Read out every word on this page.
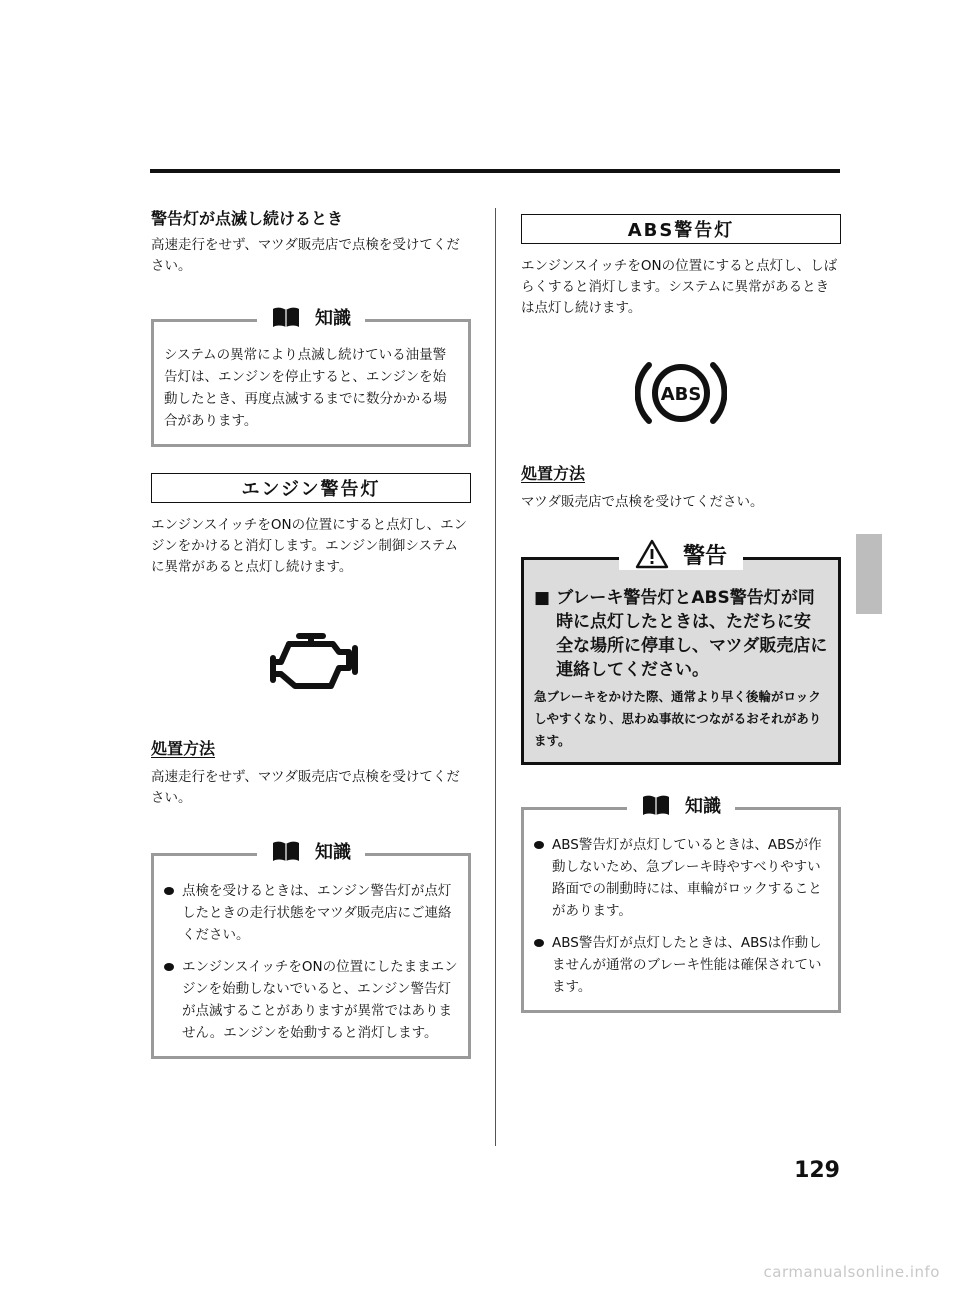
警告灯が点滅し続けるとき

高速走行をせず、マツダ販売店で点検を受けてください。

知識
システムの異常により点滅し続けている油量警告灯は、エンジンを停止すると、エンジンを始動したとき、再度点滅するまでに数分かかる場合があります。
エンジン警告灯

エンジンスイッチをONの位置にすると点灯し、エンジンをかけると消灯します。エンジン制御システムに異常があると点灯し続けます。

処置方法

高速走行をせず、マツダ販売店で点検を受けてください。

知識
点検を受けるときは、エンジン警告灯が点灯したときの走行状態をマツダ販売店にご連絡ください。
エンジンスイッチをONの位置にしたままエンジンを始動しないでいると、エンジン警告灯が点滅することがありますが異常ではありません。エンジンを始動すると消灯します。
ABS警告灯

エンジンスイッチをONの位置にすると点灯し、しばらくすると消灯します。システムに異常があるときは点灯し続けます。

ABS
処置方法

マツダ販売店で点検を受けてください。

警告
■ ブレーキ警告灯とABS警告灯が同時に点灯したときは、ただちに安全な場所に停車し、マツダ販売店に連絡してください。
急ブレーキをかけた際、通常より早く後輪がロックしやすくなり、思わぬ事故につながるおそれがあります。
知識
ABS警告灯が点灯しているときは、ABSが作動しないため、急ブレーキ時やすべりやすい路面での制動時には、車輪がロックすることがあります。
ABS警告灯が点灯したときは、ABSは作動しませんが通常のブレーキ性能は確保されています。
129
carmanualsonline.info
